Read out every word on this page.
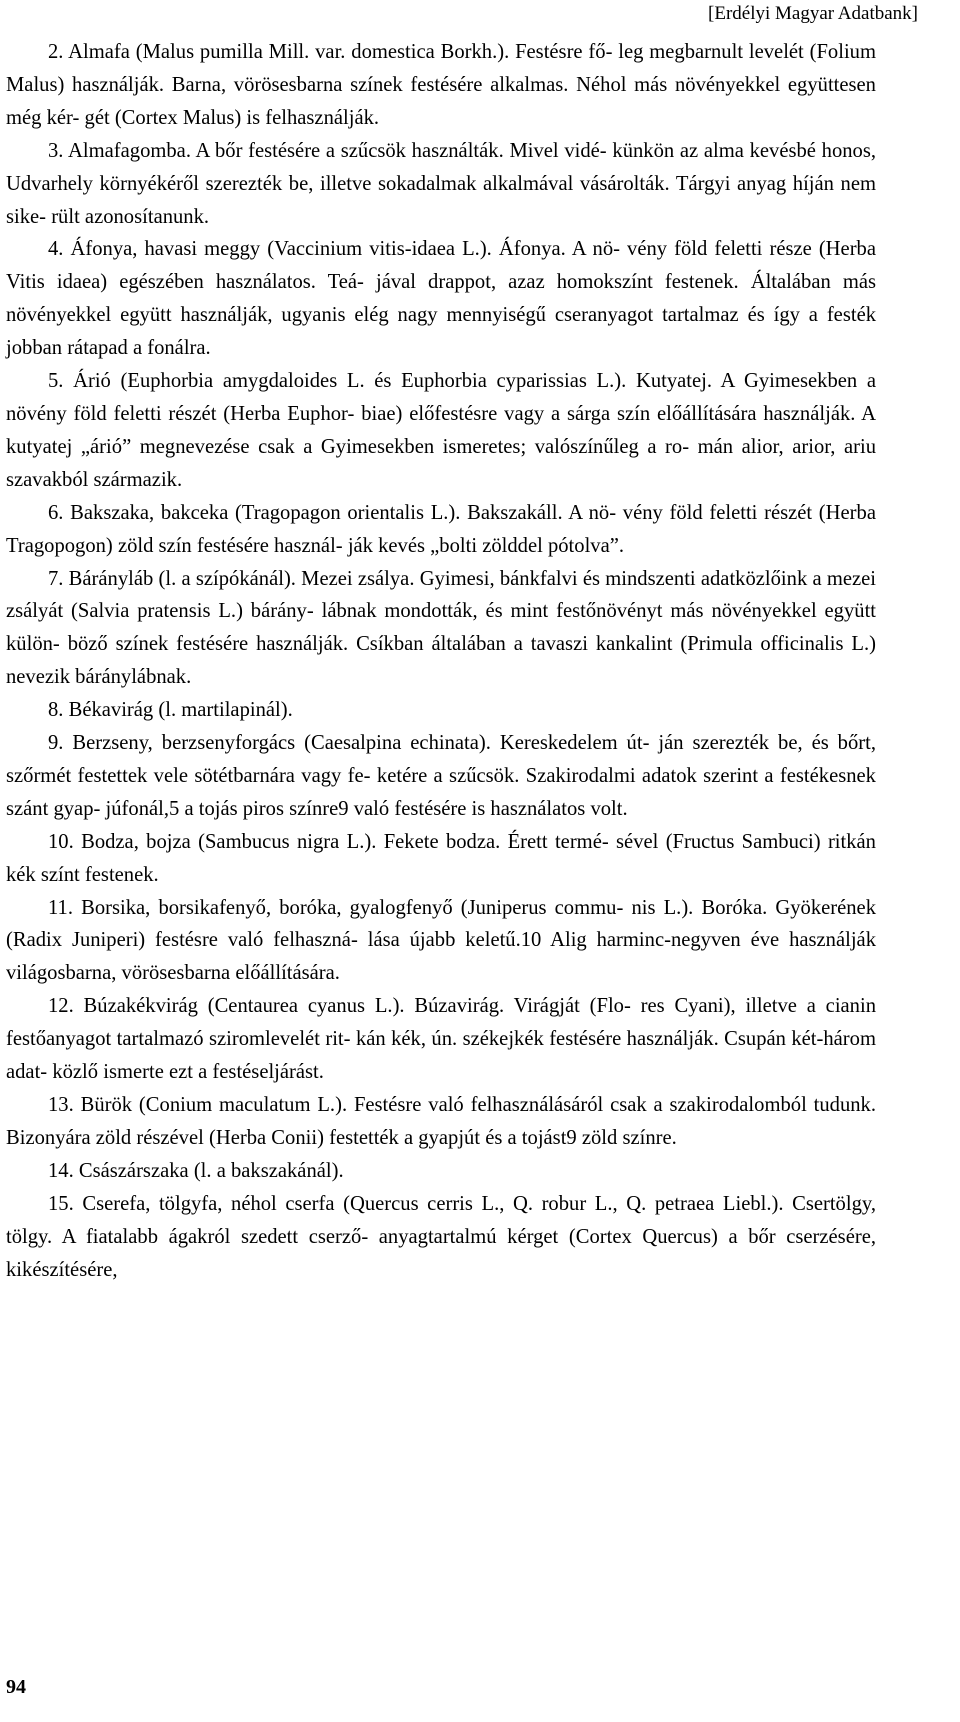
[Erdélyi Magyar Adatbank]

2. Almafa (Malus pumilla Mill. var. domestica Borkh.). Festésre fő- leg megbarnult levelét (Folium Malus) használják. Barna, vörösesbarna színek festésére alkalmas. Néhol más növényekkel együttesen még kér- gét (Cortex Malus) is felhasználják.

3. Almafagomba. A bőr festésére a szűcsök használták. Mivel vidé- künkön az alma kevésbé honos, Udvarhely környékéről szerezték be, illetve sokadalmak alkalmával vásárolták. Tárgyi anyag híján nem sike- rült azonosítanunk.

4. Áfonya, havasi meggy (Vaccinium vitis-idaea L.). Áfonya. A nö- vény föld feletti része (Herba Vitis idaea) egészében használatos. Teá- jával drappot, azaz homokszínt festenek. Általában más növényekkel együtt használják, ugyanis elég nagy mennyiségű cseranyagot tartalmaz és így a festék jobban rátapad a fonálra.

5. Árió (Euphorbia amygdaloides L. és Euphorbia cyparissias L.). Kutyatej. A Gyimesekben a növény föld feletti részét (Herba Euphor- biae) előfestésre vagy a sárga szín előállítására használják. A kutyatej „árió” megnevezése csak a Gyimesekben ismeretes; valószínűleg a ro- mán alior, arior, ariu szavakból származik.

6. Bakszaka, bakceka (Tragopagon orientalis L.). Bakszakáll. A nö- vény föld feletti részét (Herba Tragopogon) zöld szín festésére használ- ják kevés „bolti zölddel pótolva”.

7. Bárányláb (l. a szípókánál). Mezei zsálya. Gyimesi, bánkfalvi és mindszenti adatközlőink a mezei zsályát (Salvia pratensis L.) bárány- lábnak mondották, és mint festőnövényt más növényekkel együtt külön- böző színek festésére használják. Csíkban általában a tavaszi kankalint (Primula officinalis L.) nevezik báránylábnak.

8. Békavirág (l. martilapinál).

9. Berzseny, berzsenyforgács (Caesalpina echinata). Kereskedelem út- ján szerezték be, és bőrt, szőrmét festettek vele sötétbarnára vagy fe- ketére a szűcsök. Szakirodalmi adatok szerint a festékesnek szánt gyap- júfonál,5 a tojás piros színre9 való festésére is használatos volt.

10. Bodza, bojza (Sambucus nigra L.). Fekete bodza. Érett termé- sével (Fructus Sambuci) ritkán kék színt festenek.

11. Borsika, borsikafenyő, boróka, gyalogfenyő (Juniperus commu- nis L.). Boróka. Gyökerének (Radix Juniperi) festésre való felhaszná- lása újabb keletű.10 Alig harminc-negyven éve használják világosbarna, vörösesbarna előállítására.

12. Búzakékvirág (Centaurea cyanus L.). Búzavirág. Virágját (Flo- res Cyani), illetve a cianin festőanyagot tartalmazó sziromlevelét rit- kán kék, ún. székejkék festésére használják. Csupán két-három adat- közlő ismerte ezt a festéseljárást.

13. Bürök (Conium maculatum L.). Festésre való felhasználásáról csak a szakirodalomból tudunk. Bizonyára zöld részével (Herba Conii) festették a gyapjút és a tojást9 zöld színre.

14. Császárszaka (l. a bakszakánál).

15. Cserefa, tölgyfa, néhol cserfa (Quercus cerris L., Q. robur L., Q. petraea Liebl.). Csertölgy, tölgy. A fiatalabb ágakról szedett cserző- anyagtartalmú kérget (Cortex Quercus) a bőr cserzésére, kikészítésére,

94
